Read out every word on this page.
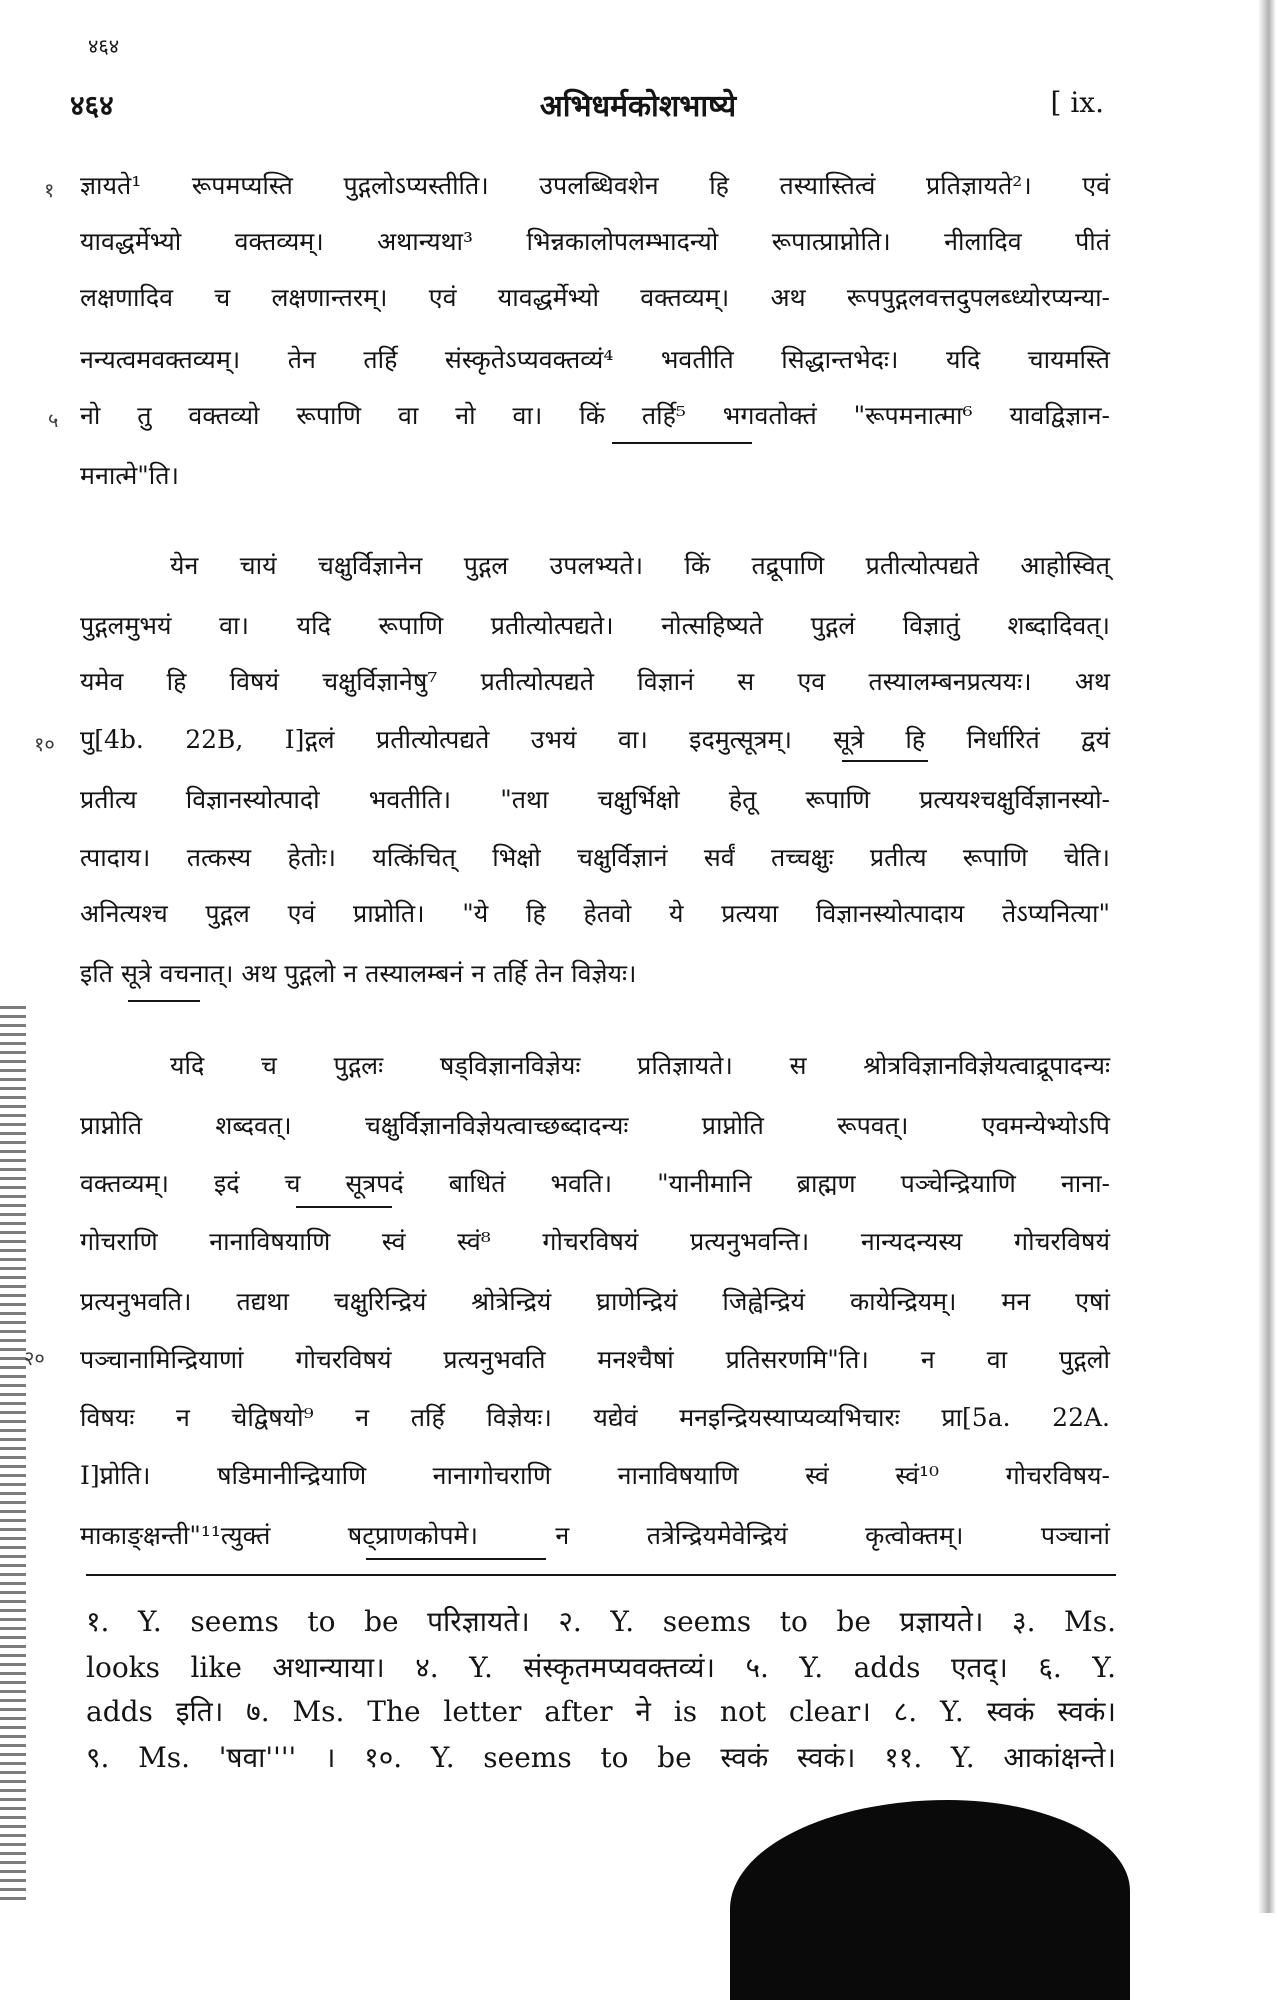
४६४
४६४	अभिधर्मकोशभाष्ये	[ ix.
१
५
१०
२०
ज्ञायते¹ रूपमप्यस्ति पुद्गलोऽप्यस्तीति। उपलब्धिवशेन हि तस्यास्तित्वं प्रतिज्ञायते²। एवं
यावद्धर्मेभ्यो वक्तव्यम्। अथान्यथा³ भिन्नकालोपलम्भादन्यो रूपात्प्राप्नोति। नीलादिव पीतं
लक्षणादिव च लक्षणान्तरम्। एवं यावद्धर्मेभ्यो वक्तव्यम्। अथ रूपपुद्गलवत्तदुपलब्ध्योरप्यन्या-
नन्यत्वमवक्तव्यम्। तेन तर्हि संस्कृतेऽप्यवक्तव्यं⁴ भवतीति सिद्धान्तभेदः। यदि चायमस्ति
नो तु वक्तव्यो रूपाणि वा नो वा। किं तर्हि⁵ भगवतोक्तं "रूपमनात्मा⁶ यावद्विज्ञान-
मनात्मे"ति।
येन चायं चक्षुर्विज्ञानेन पुद्गल उपलभ्यते। किं तद्रूपाणि प्रतीत्योत्पद्यते आहोस्वित्
पुद्गलमुभयं वा। यदि रूपाणि प्रतीत्योत्पद्यते। नोत्सहिष्यते पुद्गलं विज्ञातुं शब्दादिवत्।
यमेव हि विषयं चक्षुर्विज्ञानेषु⁷ प्रतीत्योत्पद्यते विज्ञानं स एव तस्यालम्बनप्रत्ययः। अथ
पु[4b. 22B, I]द्गलं प्रतीत्योत्पद्यते उभयं वा। इदमुत्सूत्रम्। सूत्रे हि निर्धारितं द्वयं
प्रतीत्य विज्ञानस्योत्पादो भवतीति। "तथा चक्षुर्भिक्षो हेतू रूपाणि प्रत्ययश्चक्षुर्विज्ञानस्यो-
त्पादाय। तत्कस्य हेतोः। यत्किंचित् भिक्षो चक्षुर्विज्ञानं सर्वं तच्चक्षुः प्रतीत्य रूपाणि चेति।
अनित्यश्च पुद्गल एवं प्राप्नोति। "ये हि हेतवो ये प्रत्यया विज्ञानस्योत्पादाय तेऽप्यनित्या"
इति सूत्रे वचनात्। अथ पुद्गलो न तस्यालम्बनं न तर्हि तेन विज्ञेयः।
यदि च पुद्गलः षड्विज्ञानविज्ञेयः प्रतिज्ञायते। स श्रोत्रविज्ञानविज्ञेयत्वाद्रूपादन्यः
प्राप्नोति शब्दवत्। चक्षुर्विज्ञानविज्ञेयत्वाच्छब्दादन्यः प्राप्नोति रूपवत्। एवमन्येभ्योऽपि
वक्तव्यम्। इदं च सूत्रपदं बाधितं भवति। "यानीमानि ब्राह्मण पञ्चेन्द्रियाणि नाना-
गोचराणि नानाविषयाणि स्वं स्वं⁸ गोचरविषयं प्रत्यनुभवन्ति। नान्यदन्यस्य गोचरविषयं
प्रत्यनुभवति। तद्यथा चक्षुरिन्द्रियं श्रोत्रेन्द्रियं घ्राणेन्द्रियं जिह्वेन्द्रियं कायेन्द्रियम्। मन एषां
पञ्चानामिन्द्रियाणां गोचरविषयं प्रत्यनुभवति मनश्चैषां प्रतिसरणमि"ति। न वा पुद्गलो
विषयः न चेद्विषयो⁹ न तर्हि विज्ञेयः। यद्येवं मनइन्द्रियस्याप्यव्यभिचारः प्रा[5a. 22A.
I]प्नोति। षडिमानीन्द्रियाणि नानागोचराणि नानाविषयाणि स्वं स्वं¹⁰ गोचरविषय-
माकाङ्क्षन्ती"¹¹त्युक्तं षट्प्राणकोपमे। न तत्रेन्द्रियमेवेन्द्रियं कृत्वोक्तम्। पञ्चानां
१. Y. seems to be परिज्ञायते। २. Y. seems to be प्रज्ञायते। ३. Ms.
looks like अथान्याया। ४. Y. संस्कृतमप्यवक्तव्यं। ५. Y. adds एतद्। ६. Y.
adds इति। ७. Ms. The letter after ने is not clear। ८. Y. स्वकं स्वकं।
९. Ms. 'षवा'''' । १०. Y. seems to be स्वकं स्वकं। ११. Y. आकांक्षन्ते।
